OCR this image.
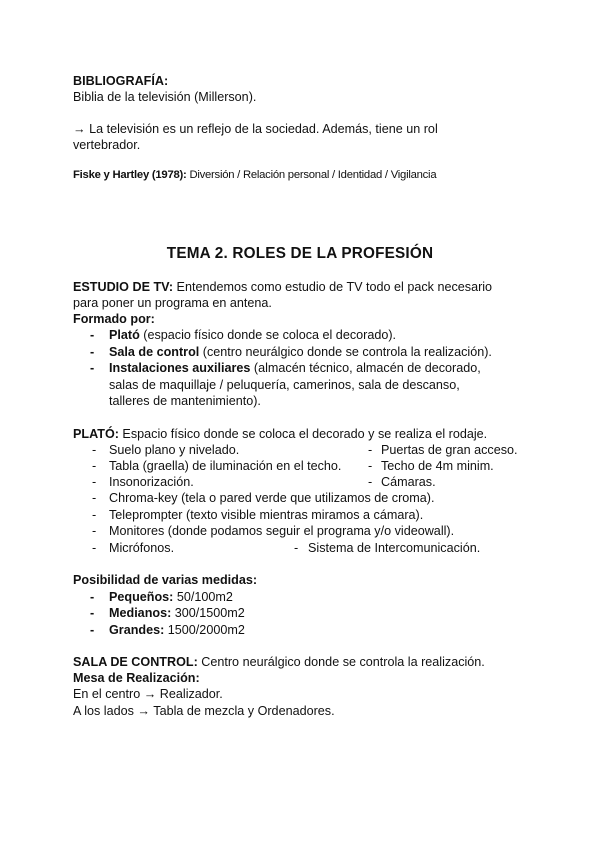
BIBLIOGRAFÍA:
Biblia de la televisión (Millerson).
→ La televisión es un reflejo de la sociedad. Además, tiene un rol
vertebrador.
Fiske y Hartley (1978): Diversión / Relación personal / Identidad / Vigilancia
TEMA 2. ROLES DE LA PROFESIÓN
ESTUDIO DE TV: Entendemos como estudio de TV todo el pack necesario
para poner un programa en antena.
Formado por:
- Plató (espacio físico donde se coloca el decorado).
- Sala de control (centro neurálgico donde se controla la realización).
- Instalaciones auxiliares (almacén técnico, almacén de decorado,
salas de maquillaje / peluquería, camerinos, sala de descanso,
talleres de mantenimiento).
PLATÓ: Espacio físico donde se coloca el decorado y se realiza el rodaje.
- Suelo plano y nivelado.	- Puertas de gran acceso.
- Tabla (graella) de iluminación en el techo. - Techo de 4m minim.
- Insonorización.	- Cámaras.
- Chroma-key (tela o pared verde que utilizamos de croma).
- Teleprompter (texto visible mientras miramos a cámara).
- Monitores (donde podamos seguir el programa y/o videowall).
- Micrófonos.	- Sistema de Intercomunicación.
Posibilidad de varias medidas:
- Pequeños: 50/100m2
- Medianos: 300/1500m2
- Grandes: 1500/2000m2
SALA DE CONTROL: Centro neurálgico donde se controla la realización.
Mesa de Realización:
En el centro → Realizador.
A los lados → Tabla de mezcla y Ordenadores.
